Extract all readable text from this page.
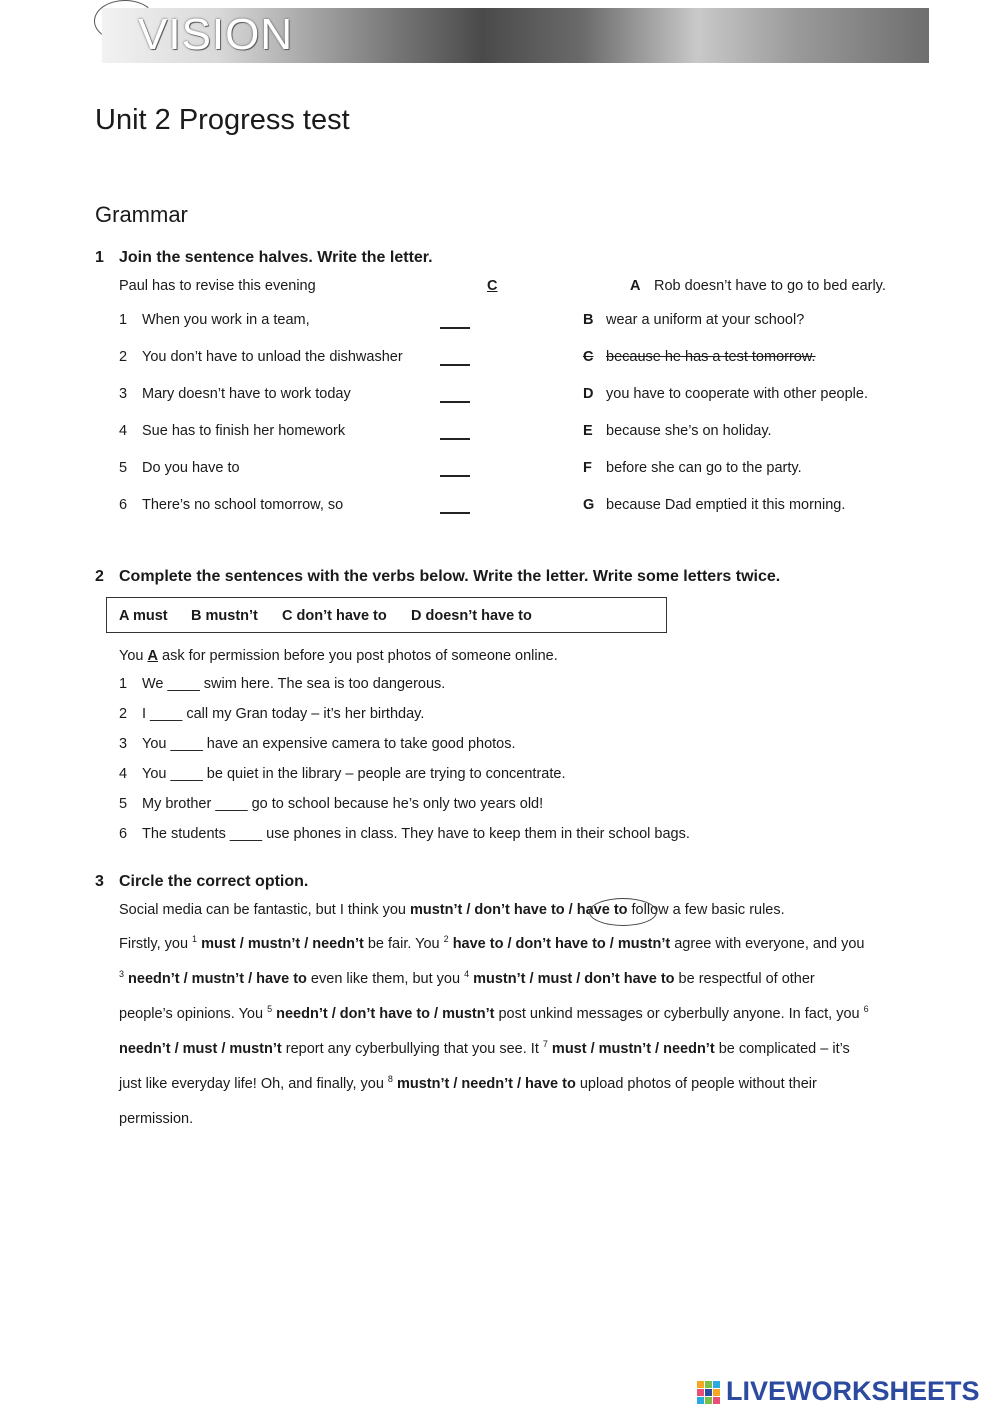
VISION
Unit 2 Progress test
Grammar
1 Join the sentence halves. Write the letter.
Paul has to revise this evening	C
1 When you work in a team,
2 You don’t have to unload the dishwasher
3 Mary doesn’t have to work today
4 Sue has to finish her homework
5 Do you have to
6 There’s no school tomorrow, so
A Rob doesn’t have to go to bed early.
B wear a uniform at your school?
C because he has a test tomorrow.
D you have to cooperate with other people.
E because she’s on holiday.
F before she can go to the party.
G because Dad emptied it this morning.
2 Complete the sentences with the verbs below. Write the letter. Write some letters twice.
A must B mustn’t C don’t have to D doesn’t have to
You A ask for permission before you post photos of someone online.
1 We ____ swim here. The sea is too dangerous.
2 I ____ call my Gran today – it’s her birthday.
3 You ____ have an expensive camera to take good photos.
4 You ____ be quiet in the library – people are trying to concentrate.
5 My brother ____ go to school because he’s only two years old!
6 The students ____ use phones in class. They have to keep them in their school bags.
3 Circle the correct option.
Social media can be fantastic, but I think you mustn’t / don’t have to / have to follow a few basic rules.
Firstly, you $^1$ must / mustn’t / needn’t be fair. You $^2$ have to / don’t have to / mustn’t agree with everyone, and you
$^3$ needn’t / mustn’t / have to even like them, but you $^4$ mustn’t / must / don’t have to be respectful of other
people’s opinions. You $^5$ needn’t / don’t have to / mustn’t post unkind messages or cyberbully anyone. In fact, you $^6$
needn’t / must / mustn’t report any cyberbullying that you see. It $^7$ must / mustn’t / needn’t be complicated – it’s
just like everyday life! Oh, and finally, you $^8$ mustn’t / needn’t / have to upload photos of people without their
permission.
LIVEWORKSHEETS
